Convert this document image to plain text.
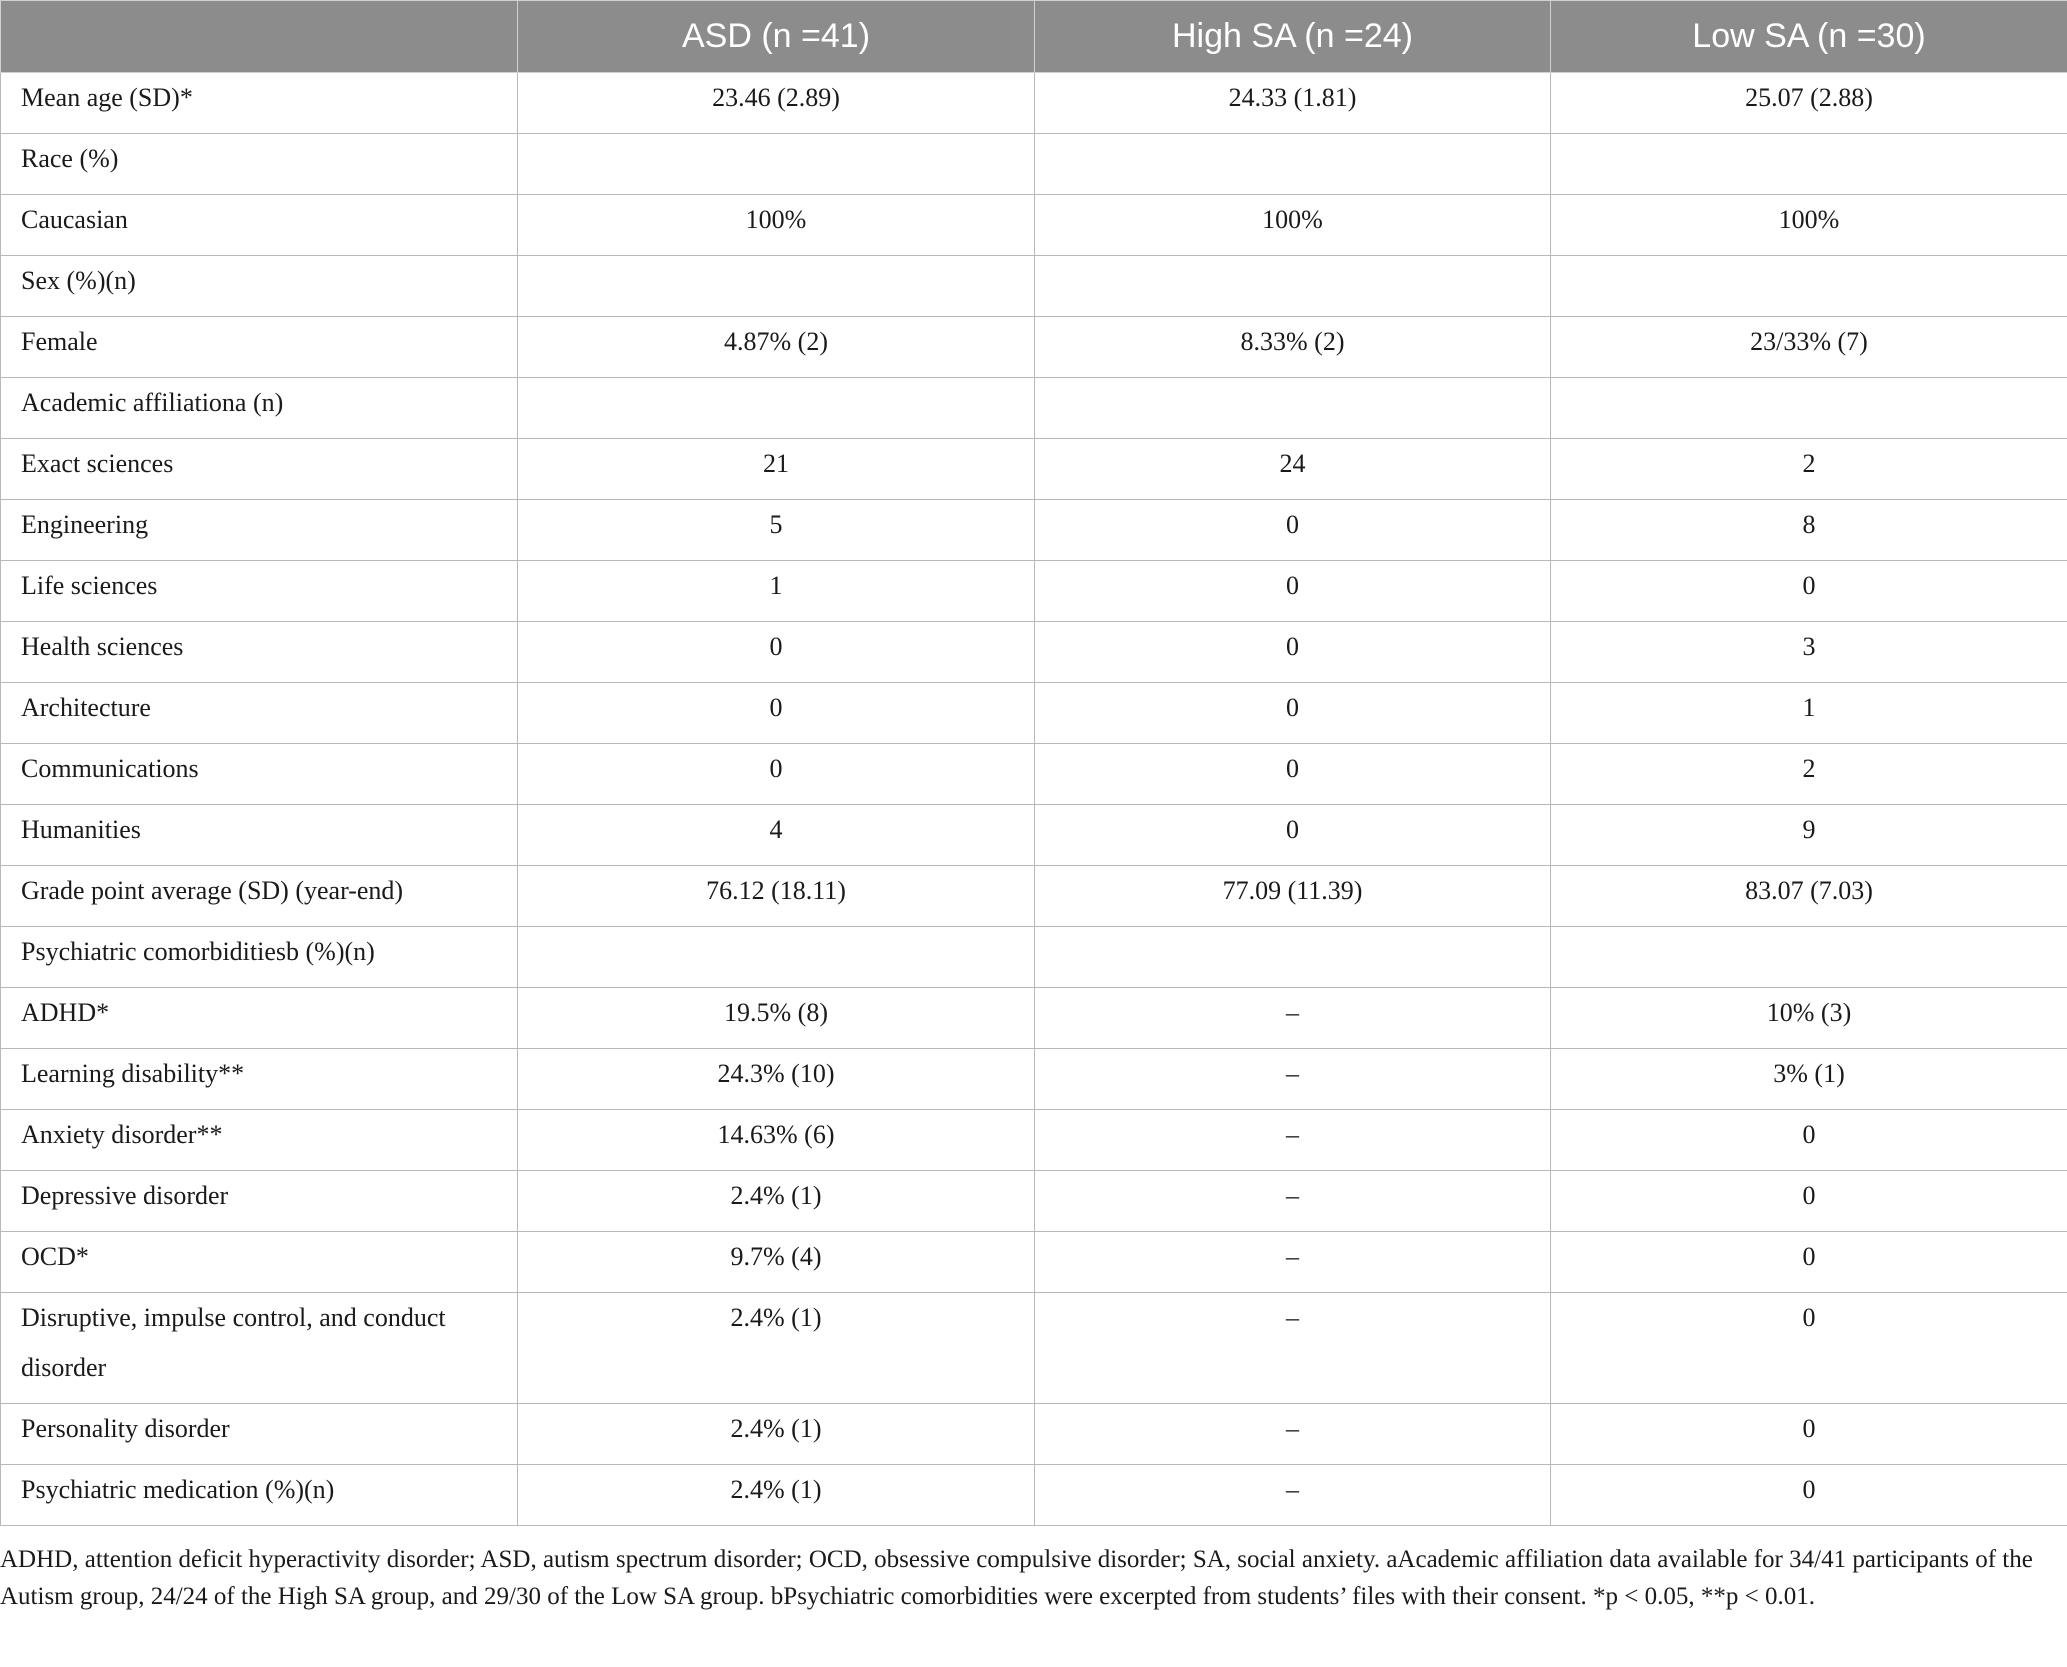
	ASD (n =41)	High SA (n =24)	Low SA (n =30)
Mean age (SD)*	23.46 (2.89)	24.33 (1.81)	25.07 (2.88)
Race (%)			
Caucasian	100%	100%	100%
Sex (%)(n)			
Female	4.87% (2)	8.33% (2)	23/33% (7)
Academic affiliationa (n)			
Exact sciences	21	24	2
Engineering	5	0	8
Life sciences	1	0	0
Health sciences	0	0	3
Architecture	0	0	1
Communications	0	0	2
Humanities	4	0	9
Grade point average (SD) (year-end)	76.12 (18.11)	77.09 (11.39)	83.07 (7.03)
Psychiatric comorbiditiesb (%)(n)			
ADHD*	19.5% (8)	–	10% (3)
Learning disability**	24.3% (10)	–	3% (1)
Anxiety disorder**	14.63% (6)	–	0
Depressive disorder	2.4% (1)	–	0
OCD*	9.7% (4)	–	0
Disruptive, impulse control, and conduct disorder	2.4% (1)	–	0
Personality disorder	2.4% (1)	–	0
Psychiatric medication (%)(n)	2.4% (1)	–	0
ADHD, attention deficit hyperactivity disorder; ASD, autism spectrum disorder; OCD, obsessive compulsive disorder; SA, social anxiety. aAcademic affiliation data available for 34/41 participants of the Autism group, 24/24 of the High SA group, and 29/30 of the Low SA group. bPsychiatric comorbidities were excerpted from students’ files with their consent. *p < 0.05, **p < 0.01.
